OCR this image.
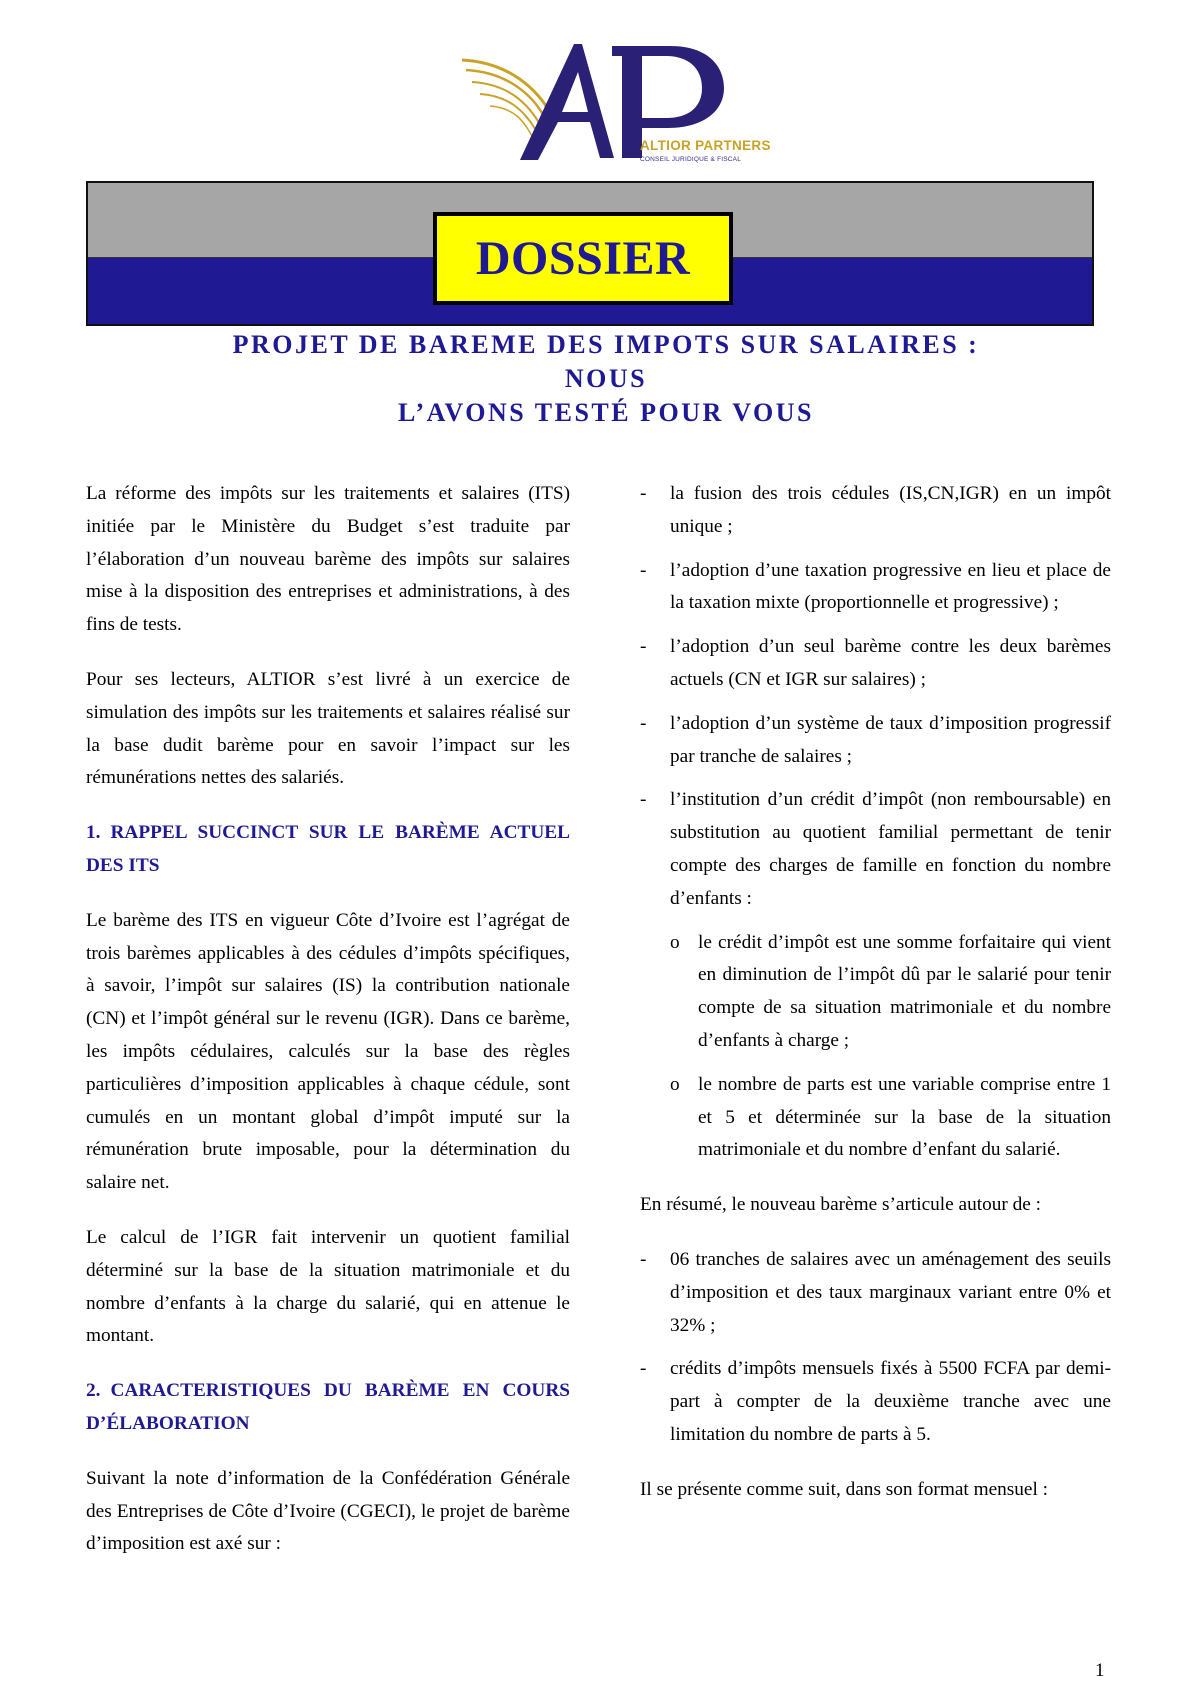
ALTIOR PARTNERS
CONSEIL JURIDIQUE & FISCAL
DOSSIER
PROJET DE BAREME DES IMPOTS SUR SALAIRES :
NOUS
L’AVONS TESTÉ POUR VOUS

La réforme des impôts sur les traitements et salaires (ITS) initiée par le Ministère du Budget s’est traduite par l’élaboration d’un nouveau barème des impôts sur salaires mise à la disposition des entreprises et administrations, à des fins de tests.

Pour ses lecteurs, ALTIOR s’est livré à un exercice de simulation des impôts sur les traitements et salaires réalisé sur la base dudit barème pour en savoir l’impact sur les rémunérations nettes des salariés.

1. RAPPEL SUCCINCT SUR LE BARÈME ACTUEL DES ITS

Le barème des ITS en vigueur Côte d’Ivoire est l’agrégat de trois barèmes applicables à des cédules d’impôts spécifiques, à savoir, l’impôt sur salaires (IS) la contribution nationale (CN) et l’impôt général sur le revenu (IGR). Dans ce barème, les impôts cédulaires, calculés sur la base des règles particulières d’imposition applicables à chaque cédule, sont cumulés en un montant global d’impôt imputé sur la rémunération brute imposable, pour la détermination du salaire net.

Le calcul de l’IGR fait intervenir un quotient familial déterminé sur la base de la situation matrimoniale et du nombre d’enfants à la charge du salarié, qui en attenue le montant.

2. CARACTERISTIQUES DU BARÈME EN COURS D’ÉLABORATION

Suivant la note d’information de la Confédération Générale des Entreprises de Côte d’Ivoire (CGECI), le projet de barème d’imposition est axé sur :

- la fusion des trois cédules (IS,CN,IGR) en un impôt unique ;
- l’adoption d’une taxation progressive en lieu et place de la taxation mixte (proportionnelle et progressive) ;
- l’adoption d’un seul barème contre les deux barèmes actuels (CN et IGR sur salaires) ;
- l’adoption d’un système de taux d’imposition progressif par tranche de salaires ;
- l’institution d’un crédit d’impôt (non remboursable) en substitution au quotient familial permettant de tenir compte des charges de famille en fonction du nombre d’enfants :
o le crédit d’impôt est une somme forfaitaire qui vient en diminution de l’impôt dû par le salarié pour tenir compte de sa situation matrimoniale et du nombre d’enfants à charge ;
o le nombre de parts est une variable comprise entre 1 et 5 et déterminée sur la base de la situation matrimoniale et du nombre d’enfant du salarié.

En résumé, le nouveau barème s’articule autour de :

- 06 tranches de salaires avec un aménagement des seuils d’imposition et des taux marginaux variant entre 0% et 32% ;
- crédits d’impôts mensuels fixés à 5500 FCFA par demi-part à compter de la deuxième tranche avec une limitation du nombre de parts à 5.

Il se présente comme suit, dans son format mensuel :

1
